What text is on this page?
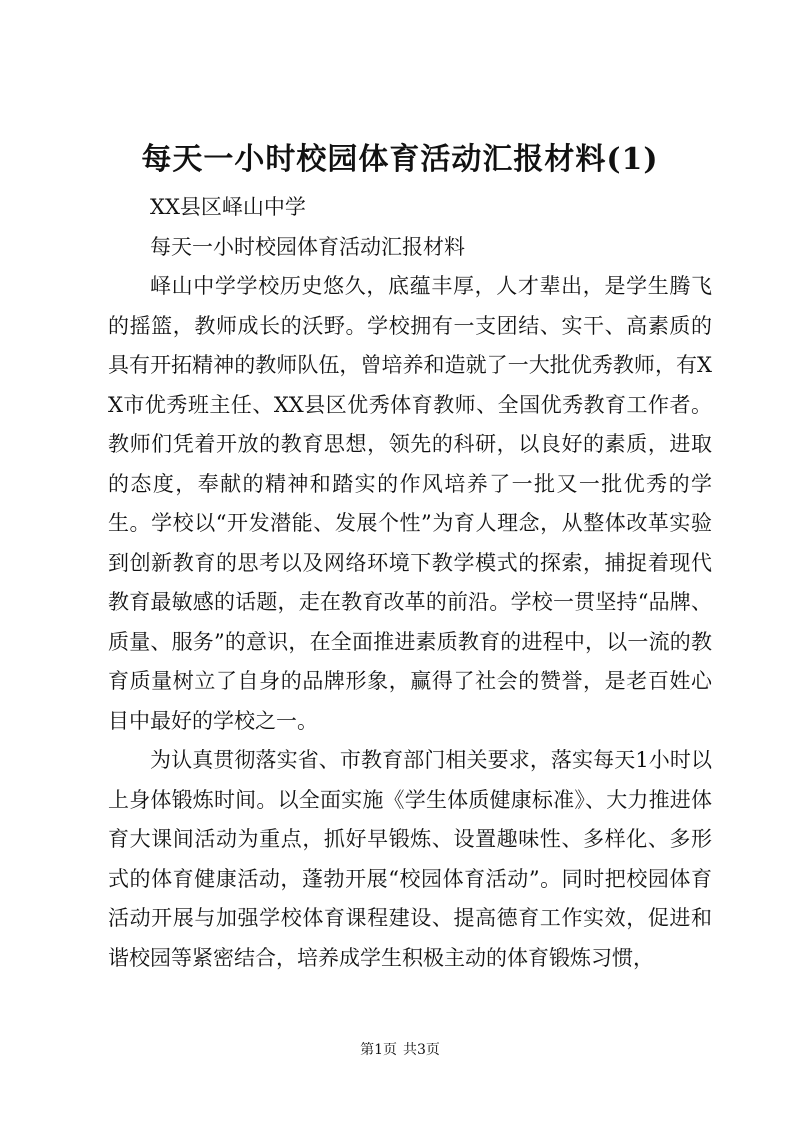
每天一小时校园体育活动汇报材料(1)

XX县区峄山中学

每天一小时校园体育活动汇报材料

峄山中学学校历史悠久，底蕴丰厚，人才辈出，是学生腾飞的摇篮，教师成长的沃野。学校拥有一支团结、实干、高素质的具有开拓精神的教师队伍，曾培养和造就了一大批优秀教师，有XX市优秀班主任、XX县区优秀体育教师、全国优秀教育工作者。教师们凭着开放的教育思想，领先的科研，以良好的素质，进取的态度，奉献的精神和踏实的作风培养了一批又一批优秀的学生。学校以“开发潜能、发展个性”为育人理念，从整体改革实验到创新教育的思考以及网络环境下教学模式的探索，捕捉着现代教育最敏感的话题，走在教育改革的前沿。学校一贯坚持“品牌、质量、服务”的意识，在全面推进素质教育的进程中，以一流的教育质量树立了自身的品牌形象，赢得了社会的赞誉，是老百姓心目中最好的学校之一。

为认真贯彻落实省、市教育部门相关要求，落实每天1小时以上身体锻炼时间。以全面实施《学生体质健康标准》、大力推进体育大课间活动为重点，抓好早锻炼、设置趣味性、多样化、多形式的体育健康活动，蓬勃开展“校园体育活动”。同时把校园体育活动开展与加强学校体育课程建设、提高德育工作实效，促进和谐校园等紧密结合，培养成学生积极主动的体育锻炼习惯，

第1页 共3页
